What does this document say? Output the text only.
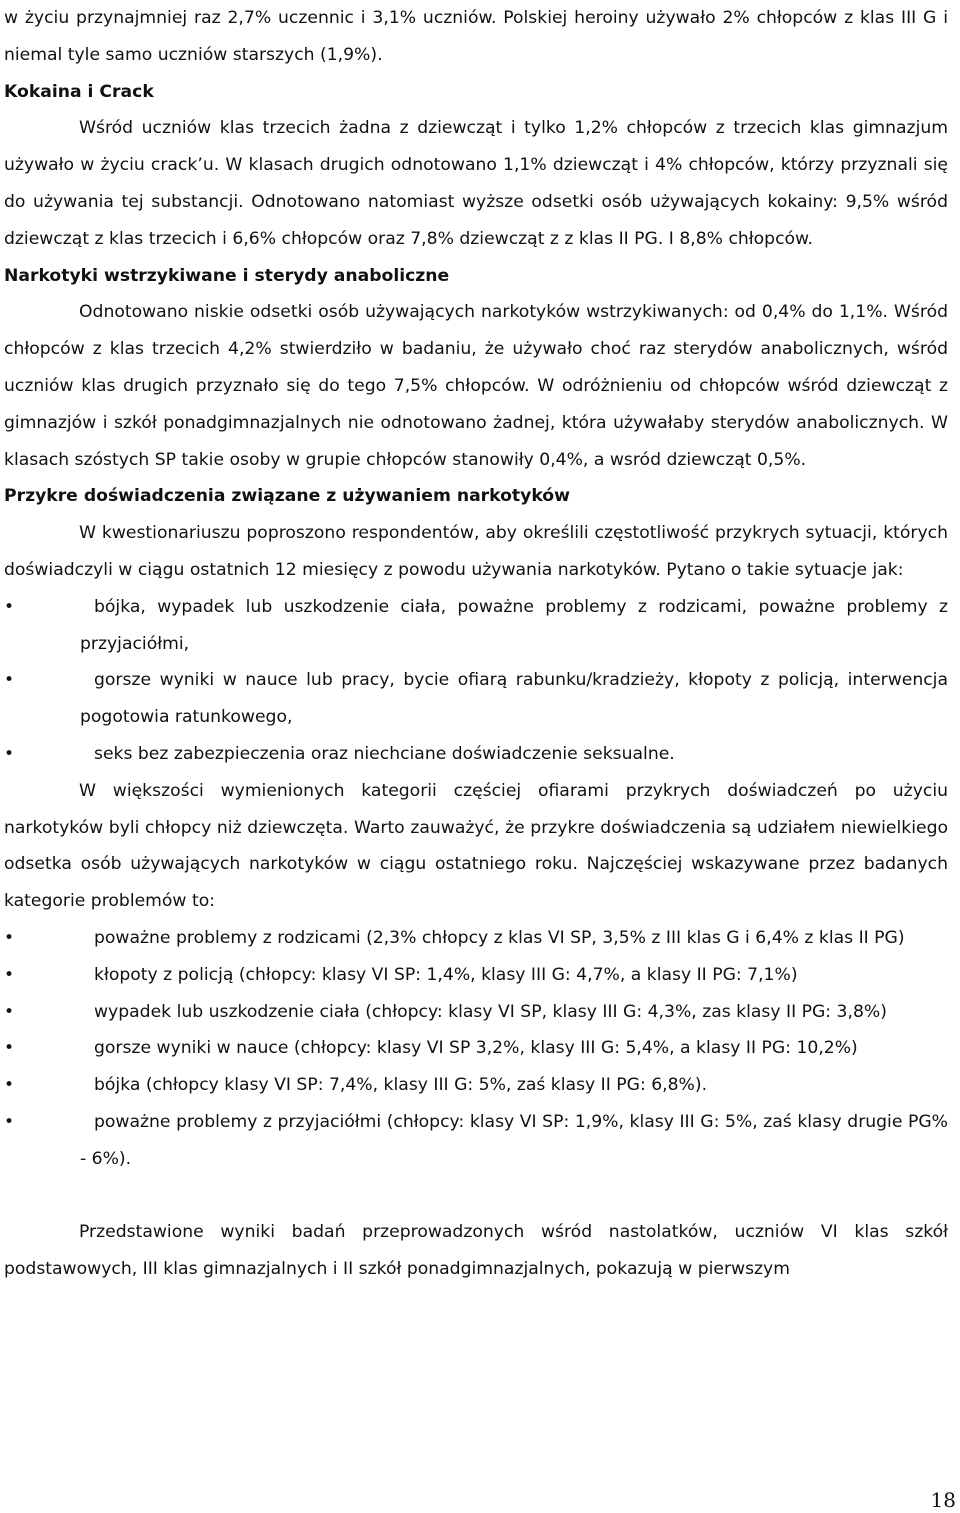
w życiu przynajmniej raz 2,7% uczennic i 3,1% uczniów. Polskiej heroiny używało 2% chłopców z klas III G i niemal tyle samo uczniów starszych (1,9%).

Kokaina i Crack

Wśród uczniów klas trzecich żadna z dziewcząt i tylko 1,2% chłopców z trzecich klas gimnazjum używało w życiu crack’u. W klasach drugich odnotowano 1,1% dziewcząt i 4% chłopców, którzy przyznali się do używania tej substancji. Odnotowano natomiast wyższe odsetki osób używających kokainy: 9,5% wśród dziewcząt z klas trzecich i 6,6% chłopców oraz 7,8% dziewcząt z z klas II PG. I 8,8% chłopców.

Narkotyki wstrzykiwane i sterydy anaboliczne

Odnotowano niskie odsetki osób używających narkotyków wstrzykiwanych: od 0,4% do 1,1%. Wśród chłopców z klas trzecich 4,2% stwierdziło w badaniu, że używało choć raz sterydów anabolicznych, wśród uczniów klas drugich przyznało się do tego 7,5% chłopców. W odróżnieniu od chłopców wśród dziewcząt z gimnazjów i szkół ponadgimnazjalnych nie odnotowano żadnej, która używałaby sterydów anabolicznych. W klasach szóstych SP takie osoby w grupie chłopców stanowiły 0,4%, a wsród dziewcząt 0,5%.

Przykre doświadczenia związane z używaniem narkotyków

W kwestionariuszu poproszono respondentów, aby określili częstotliwość przykrych sytuacji, których doświadczyli w ciągu ostatnich 12 miesięcy z powodu używania narkotyków. Pytano o takie sytuacje jak:

•	bójka, wypadek lub uszkodzenie ciała, poważne problemy z rodzicami, poważne problemy z przyjaciółmi,
•	gorsze wyniki w nauce lub pracy, bycie ofiarą rabunku/kradzieży, kłopoty z policją, interwencja pogotowia ratunkowego,
•	seks bez zabezpieczenia oraz niechciane doświadczenie seksualne.

W większości wymienionych kategorii częściej ofiarami przykrych doświadczeń po użyciu narkotyków byli chłopcy niż dziewczęta. Warto zauważyć, że przykre doświadczenia są udziałem niewielkiego odsetka osób używających narkotyków w ciągu ostatniego roku. Najczęściej wskazywane przez badanych kategorie problemów to:

•	poważne problemy z rodzicami (2,3% chłopcy z klas VI SP, 3,5% z III klas G i 6,4% z klas II PG)
•	kłopoty z policją (chłopcy: klasy VI SP: 1,4%, klasy III G: 4,7%, a klasy II PG: 7,1%)
•	wypadek lub uszkodzenie ciała (chłopcy: klasy VI SP, klasy III G: 4,3%, zas klasy II PG: 3,8%)
•	gorsze wyniki w nauce (chłopcy: klasy VI SP 3,2%, klasy III G: 5,4%, a klasy II PG: 10,2%)
•	bójka (chłopcy klasy VI SP: 7,4%, klasy III G: 5%, zaś klasy II PG: 6,8%).
•	poważne problemy z przyjaciółmi (chłopcy: klasy VI SP: 1,9%, klasy III G: 5%, zaś klasy drugie PG% - 6%).

Przedstawione wyniki badań przeprowadzonych wśród nastolatków, uczniów VI klas szkół podstawowych, III klas gimnazjalnych i II szkół ponadgimnazjalnych, pokazują w pierwszym

18
